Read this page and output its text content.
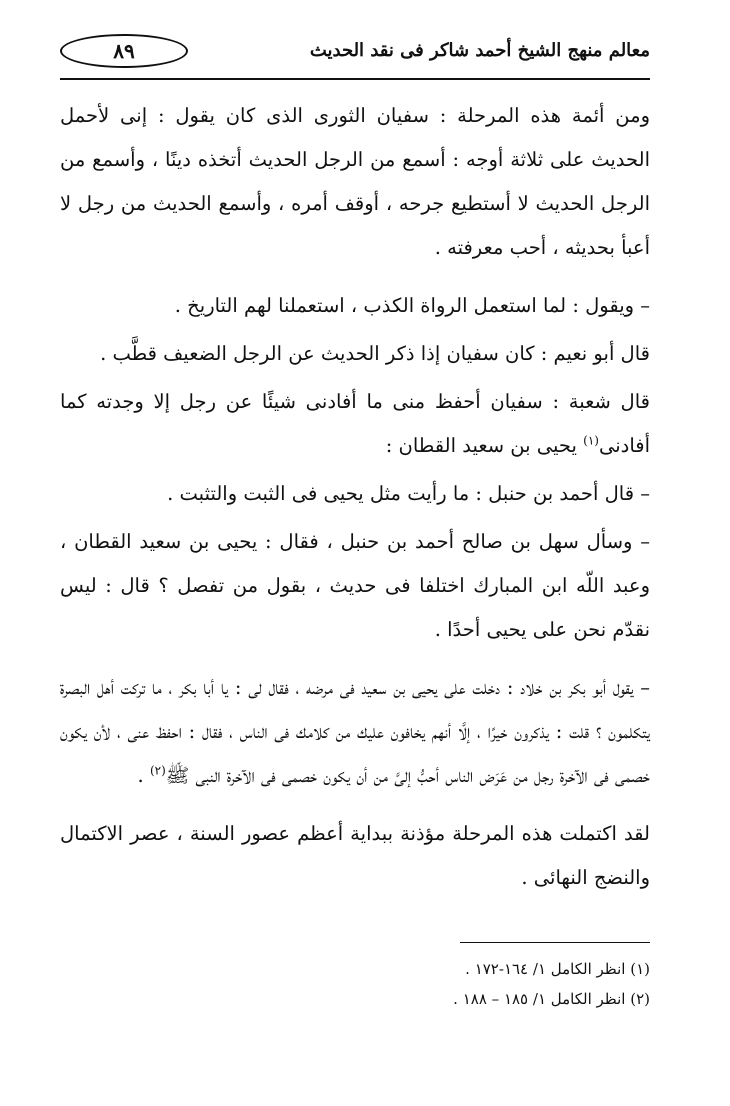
٨٩	معالم منهج الشيخ أحمد شاكر فى نقد الحديث

ومن أئمة هذه المرحلة : سفيان الثورى الذى كان يقول : إنى لأحمل الحديث على ثلاثة أوجه : أسمع من الرجل الحديث أتخذه دينًا ، وأسمع من الرجل الحديث لا أستطيع جرحه ، أوقف أمره ، وأسمع الحديث من رجل لا أعبأ بحديثه ، أحب معرفته .

– ويقول : لما استعمل الرواة الكذب ، استعملنا لهم التاريخ .

قال أبو نعيم : كان سفيان إذا ذكر الحديث عن الرجل الضعيف قطَّب .

قال شعبة : سفيان أحفظ منى ما أفادنى شيئًا عن رجل إلا وجدته كما أفادنى$^{(١)}$ يحيى بن سعيد القطان :

– قال أحمد بن حنبل : ما رأيت مثل يحيى فى الثبت والتثبت .

– وسأل سهل بن صالح أحمد بن حنبل ، فقال : يحيى بن سعيد القطان ، وعبد اللّه ابن المبارك اختلفا فى حديث ، بقول من تفصل ؟ قال : ليس نقدّم نحن على يحيى أحدًا .

– يقول أبو بكر بن خلاد : دخلت على يحيى بن سعيد فى مرضه ، فقال لى : يا أبا بكر ، ما تركت أهل البصرة يتكلمون ؟ قلت : يذكرون خيرًا ، إلَّا أنهم يخافون عليك من كلامك فى الناس ، فقال : احفظ عنى ، لأن يكون خصمى فى الآخرة رجل من عَرَض الناس أحبُّ إلىَّ من أن يكون خصمى فى الآخرة النبى ﷺ$^{(٢)}$ .

لقد اكتملت هذه المرحلة مؤذنة ببداية أعظم عصور السنة ، عصر الاكتمال والنضج النهائى .

(١) انظر الكامل ١/ ١٦٤-١٧٢ .

(٢) انظر الكامل ١/ ١٨٥ – ١٨٨ .
